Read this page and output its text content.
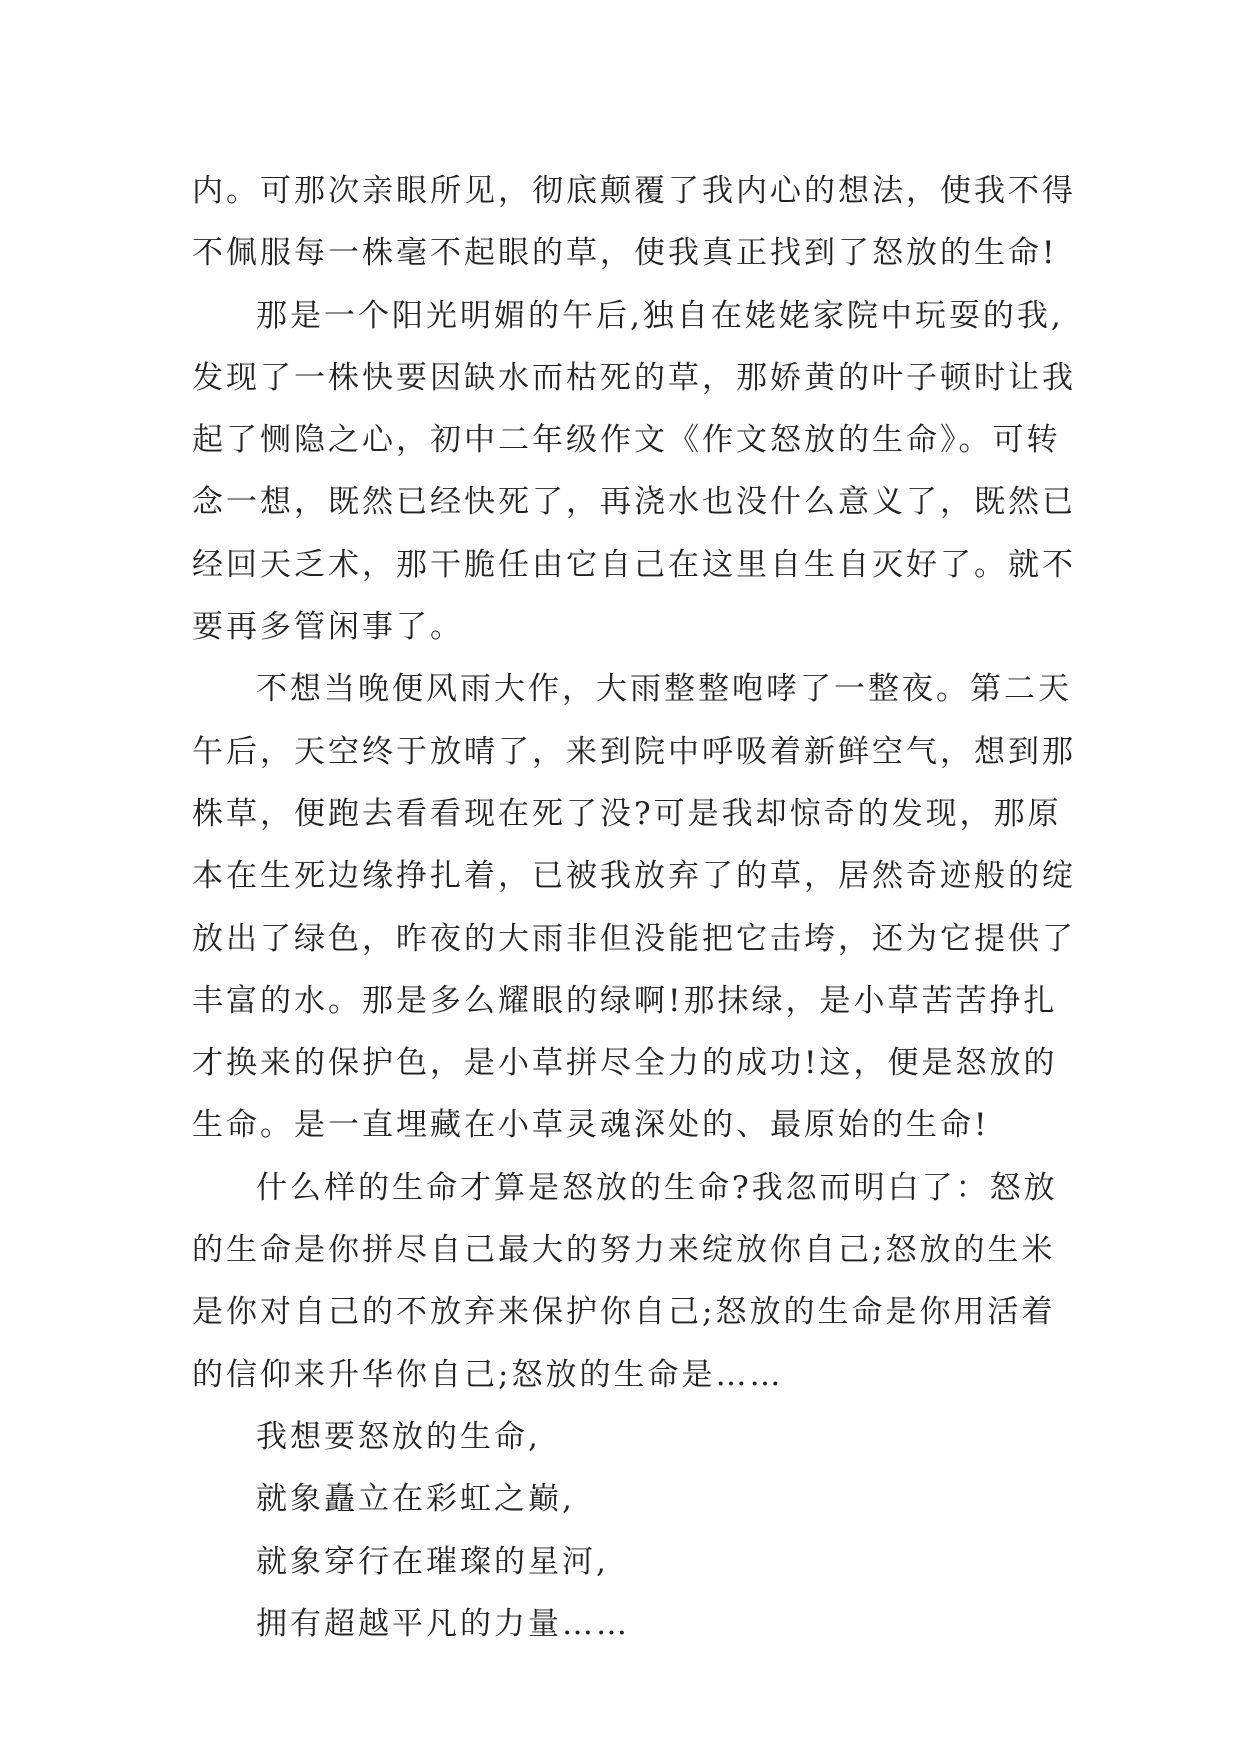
内。可那次亲眼所见，彻底颠覆了我内心的想法，使我不得
不佩服每一株毫不起眼的草，使我真正找到了怒放的生命!
那是一个阳光明媚的午后,独自在姥姥家院中玩耍的我,
发现了一株快要因缺水而枯死的草，那娇黄的叶子顿时让我
起了恻隐之心，初中二年级作文《作文怒放的生命》。可转
念一想，既然已经快死了，再浇水也没什么意义了，既然已
经回天乏术，那干脆任由它自己在这里自生自灭好了。就不
要再多管闲事了。
不想当晚便风雨大作，大雨整整咆哮了一整夜。第二天
午后，天空终于放晴了，来到院中呼吸着新鲜空气，想到那
株草，便跑去看看现在死了没?可是我却惊奇的发现，那原
本在生死边缘挣扎着，已被我放弃了的草，居然奇迹般的绽
放出了绿色，昨夜的大雨非但没能把它击垮，还为它提供了
丰富的水。那是多么耀眼的绿啊!那抹绿，是小草苦苦挣扎
才换来的保护色，是小草拼尽全力的成功!这，便是怒放的
生命。是一直埋藏在小草灵魂深处的、最原始的生命!
什么样的生命才算是怒放的生命?我忽而明白了：怒放
的生命是你拼尽自己最大的努力来绽放你自己;怒放的生米
是你对自己的不放弃来保护你自己;怒放的生命是你用活着
的信仰来升华你自己;怒放的生命是……
我想要怒放的生命,
就象矗立在彩虹之巅,
就象穿行在璀璨的星河,
拥有超越平凡的力量……
